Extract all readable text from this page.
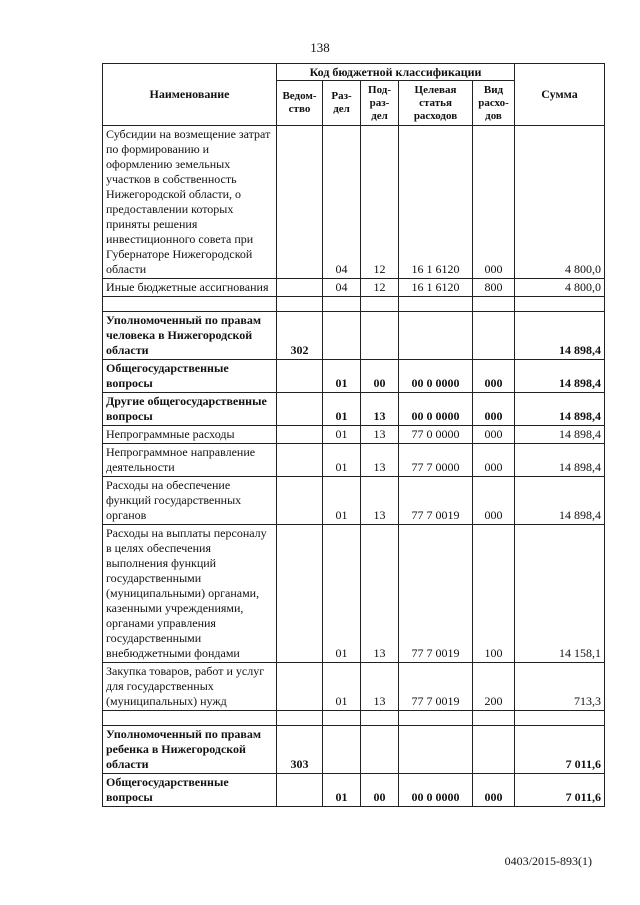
138
Наименование	Код бюджетной классификации					Сумма
	Ведом-ство	Раз-дел	Под-раз-дел	Целевая статья расходов	Вид расхо-дов	
Субсидии на возмещение затрат по формированию и оформлению земельных участков в собственность Нижегородской области, о предоставлении которых приняты решения инвестиционного совета при Губернаторе Нижегородской области		04	12	16 1 6120	000	4 800,0
Иные бюджетные ассигнования		04	12	16 1 6120	800	4 800,0

Уполномоченный по правам человека в Нижегородской области	302					14 898,4
Общегосударственные вопросы		01	00	00 0 0000	000	14 898,4
Другие общегосударственные вопросы		01	13	00 0 0000	000	14 898,4
Непрограммные расходы		01	13	77 0 0000	000	14 898,4
Непрограммное направление деятельности		01	13	77 7 0000	000	14 898,4
Расходы на обеспечение функций государственных органов		01	13	77 7 0019	000	14 898,4
Расходы на выплаты персоналу в целях обеспечения выполнения функций государственными (муниципальными) органами, казенными учреждениями, органами управления государственными внебюджетными фондами		01	13	77 7 0019	100	14 158,1
Закупка товаров, работ и услуг для государственных (муниципальных) нужд		01	13	77 7 0019	200	713,3

Уполномоченный по правам ребенка в Нижегородской области	303					7 011,6
Общегосударственные вопросы		01	00	00 0 0000	000	7 011,6
0403/2015-893(1)
